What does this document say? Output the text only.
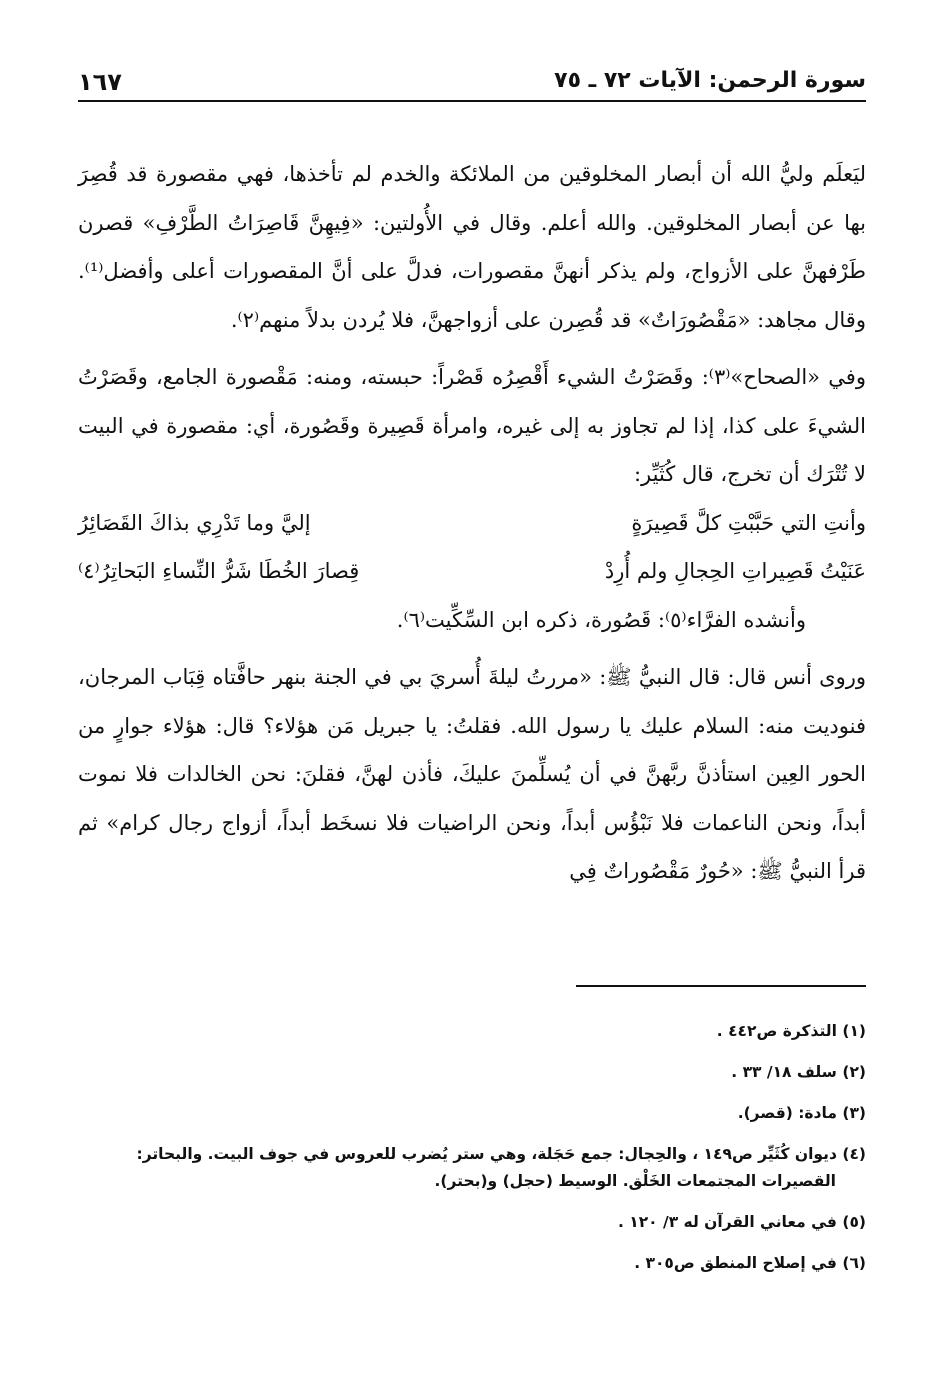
سورة الرحمن: الآيات ٧٢ ـ ٧٥
١٦٧

ليَعلَم وليُّ الله أن أبصار المخلوقين من الملائكة والخدم لم تأخذها، فهي مقصورة قد قُصِرَ بها عن أبصار المخلوقين. والله أعلم. وقال في الأُولتين: «فِيهِنَّ قَاصِرَاتُ الطَّرْفِ» قصرن طَرْفهنَّ على الأزواج، ولم يذكر أنهنَّ مقصورات، فدلَّ على أنَّ المقصورات أعلى وأفضل⁽¹⁾. وقال مجاهد: «مَقْصُورَاتٌ» قد قُصِرن على أزواجهنَّ، فلا يُردن بدلاً منهم⁽٢⁾.

وفي «الصحاح»⁽٣⁾: وقَصَرْتُ الشيء أَقْصِرُه قَصْراً: حبسته، ومنه: مَقْصورة الجامع، وقَصَرْتُ الشيءَ على كذا، إذا لم تجاوز به إلى غيره، وامرأة قَصِيرة وقَصُورة، أي: مقصورة في البيت لا تُتْرَك أن تخرج، قال كُثَيِّر:

وأنتِ التي حَبَّبْتِ كلَّ قَصِيرَةٍ
إليَّ وما تَدْرِي بذاكَ القَصَائِرُ
عَنَيْتُ قَصِيراتِ الحِجالِ ولم أُرِدْ
قِصارَ الخُطَا شَرُّ النِّساءِ البَحاتِرُ⁽٤⁾

وأنشده الفرَّاء⁽٥⁾: قَصُورة، ذكره ابن السِّكِّيت⁽٦⁾.

وروى أنس قال: قال النبيُّ ﷺ: «مررتُ ليلةَ أُسريَ بي في الجنة بنهر حافَّتاه قِبَاب المرجان، فنوديت منه: السلام عليك يا رسول الله. فقلتُ: يا جبريل مَن هؤلاء؟ قال: هؤلاء جوارٍ من الحور العِين استأذنَّ ربَّهنَّ في أن يُسلِّمنَ عليكَ، فأذن لهنَّ، فقلنَ: نحن الخالدات فلا نموت أبداً، ونحن الناعمات فلا نَبْؤُس أبداً، ونحن الراضيات فلا نسخَط أبداً، أزواج رجال كرام» ثم قرأ النبيُّ ﷺ: «حُورٌ مَقْصُوراتٌ فِي

(١) التذكرة ص٤٤٢ .

(٢) سلف ١٨/ ٣٣ .

(٣) مادة: (قصر).

(٤) ديوان كُثَيِّر ص١٤٩ ، والحِجال: جمع حَجَلة، وهي ستر يُضرب للعروس في جوف البيت. والبحاتر:
القصيرات المجتمعات الخَلْق. الوسيط (حجل) و(بحتر).

(٥) في معاني القرآن له ٣/ ١٢٠ .

(٦) في إصلاح المنطق ص٣٠٥ .
